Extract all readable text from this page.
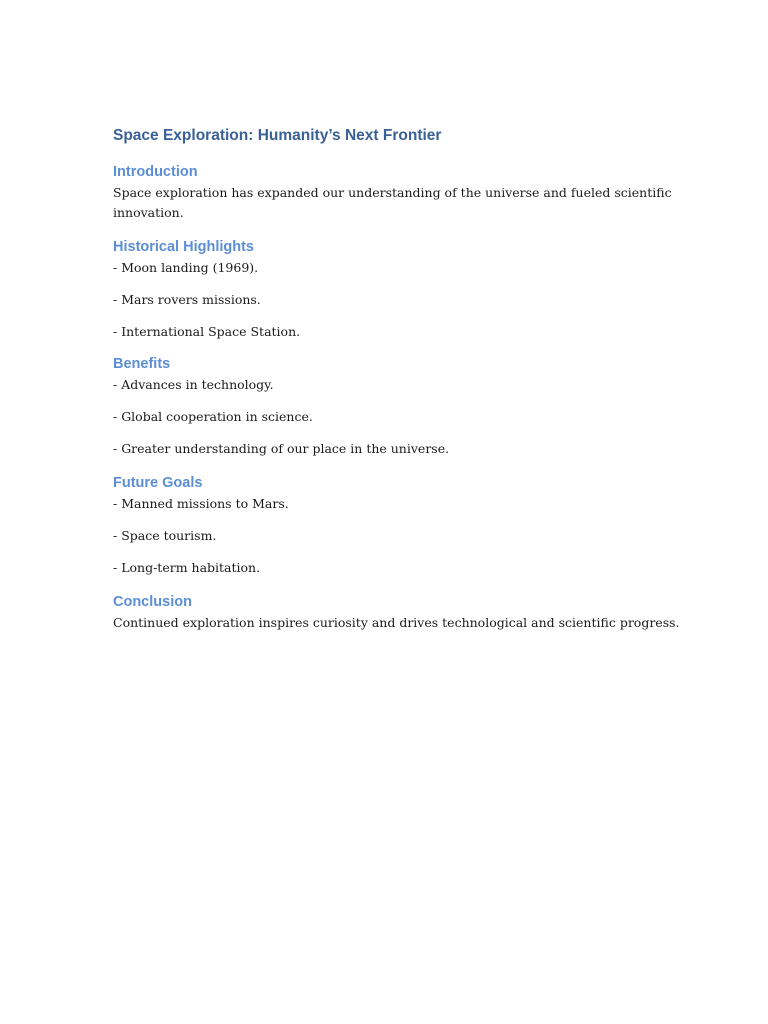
Space Exploration: Humanity’s Next Frontier
Introduction

Space exploration has expanded our understanding of the universe and fueled scientific innovation.

Historical Highlights

- Moon landing (1969).

- Mars rovers missions.

- International Space Station.

Benefits

- Advances in technology.

- Global cooperation in science.

- Greater understanding of our place in the universe.

Future Goals

- Manned missions to Mars.

- Space tourism.

- Long-term habitation.

Conclusion

Continued exploration inspires curiosity and drives technological and scientific progress.
